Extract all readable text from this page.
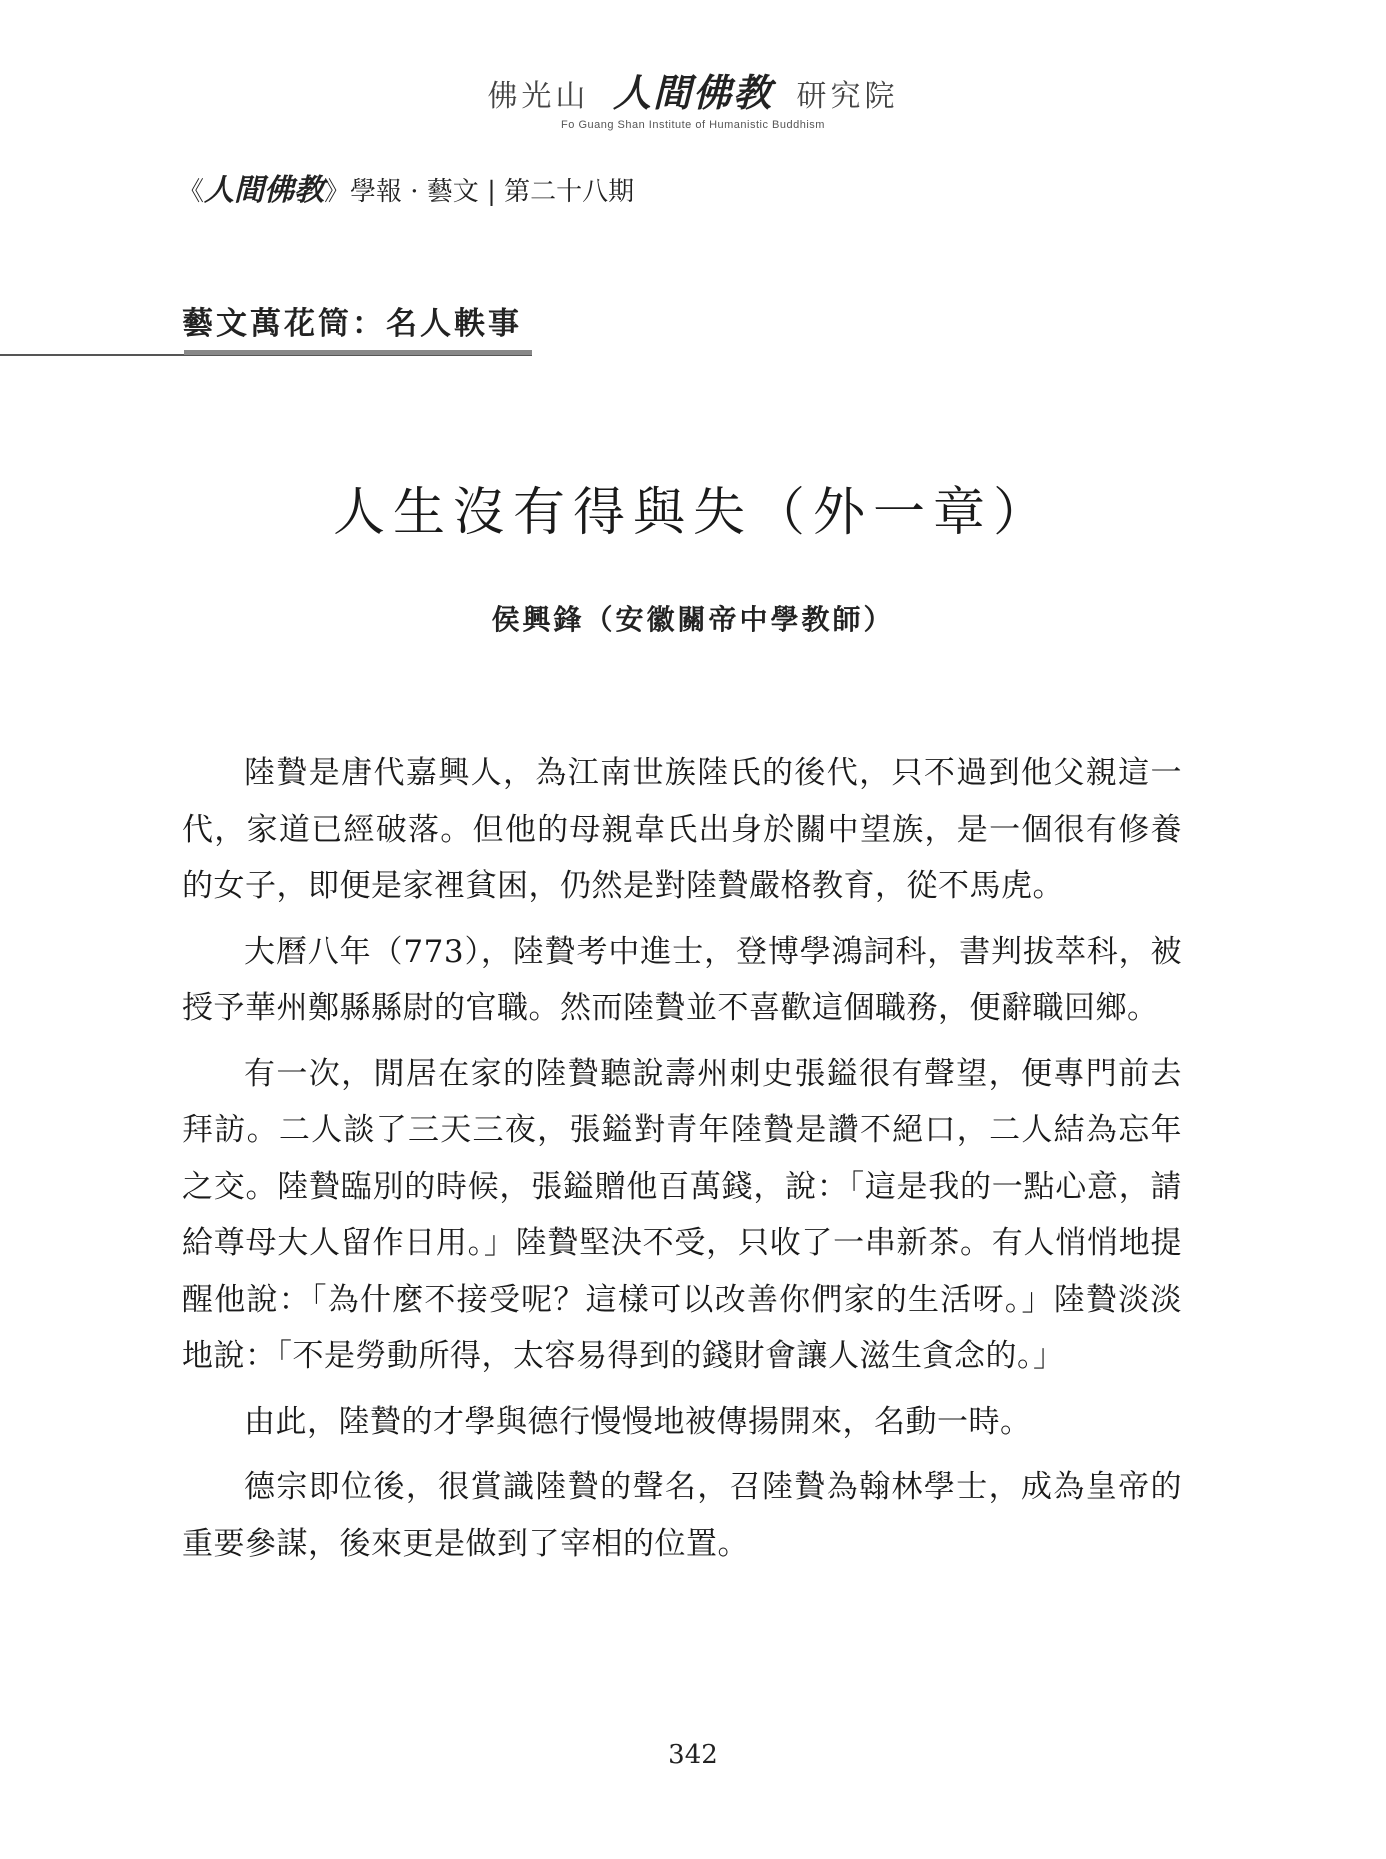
佛光山 人間佛教 研究院
Fo Guang Shan Institute of Humanistic Buddhism
《人間佛教》學報 · 藝文 | 第二十八期
藝文萬花筒：名人軼事
人生沒有得與失（外一章）
侯興鋒（安徽關帝中學教師）

陸贄是唐代嘉興人，為江南世族陸氏的後代，只不過到他父親這一代，家道已經破落。但他的母親韋氏出身於關中望族，是一個很有修養的女子，即便是家裡貧困，仍然是對陸贄嚴格教育，從不馬虎。

大曆八年（773），陸贄考中進士，登博學鴻詞科，書判拔萃科，被授予華州鄭縣縣尉的官職。然而陸贄並不喜歡這個職務，便辭職回鄉。

有一次，閒居在家的陸贄聽說壽州刺史張鎰很有聲望，便專門前去拜訪。二人談了三天三夜，張鎰對青年陸贄是讚不絕口，二人結為忘年之交。陸贄臨別的時候，張鎰贈他百萬錢，說：「這是我的一點心意，請給尊母大人留作日用。」陸贄堅決不受，只收了一串新茶。有人悄悄地提醒他說：「為什麼不接受呢？這樣可以改善你們家的生活呀。」陸贄淡淡地說：「不是勞動所得，太容易得到的錢財會讓人滋生貪念的。」

由此，陸贄的才學與德行慢慢地被傳揚開來，名動一時。

德宗即位後，很賞識陸贄的聲名，召陸贄為翰林學士，成為皇帝的重要參謀，後來更是做到了宰相的位置。

342
